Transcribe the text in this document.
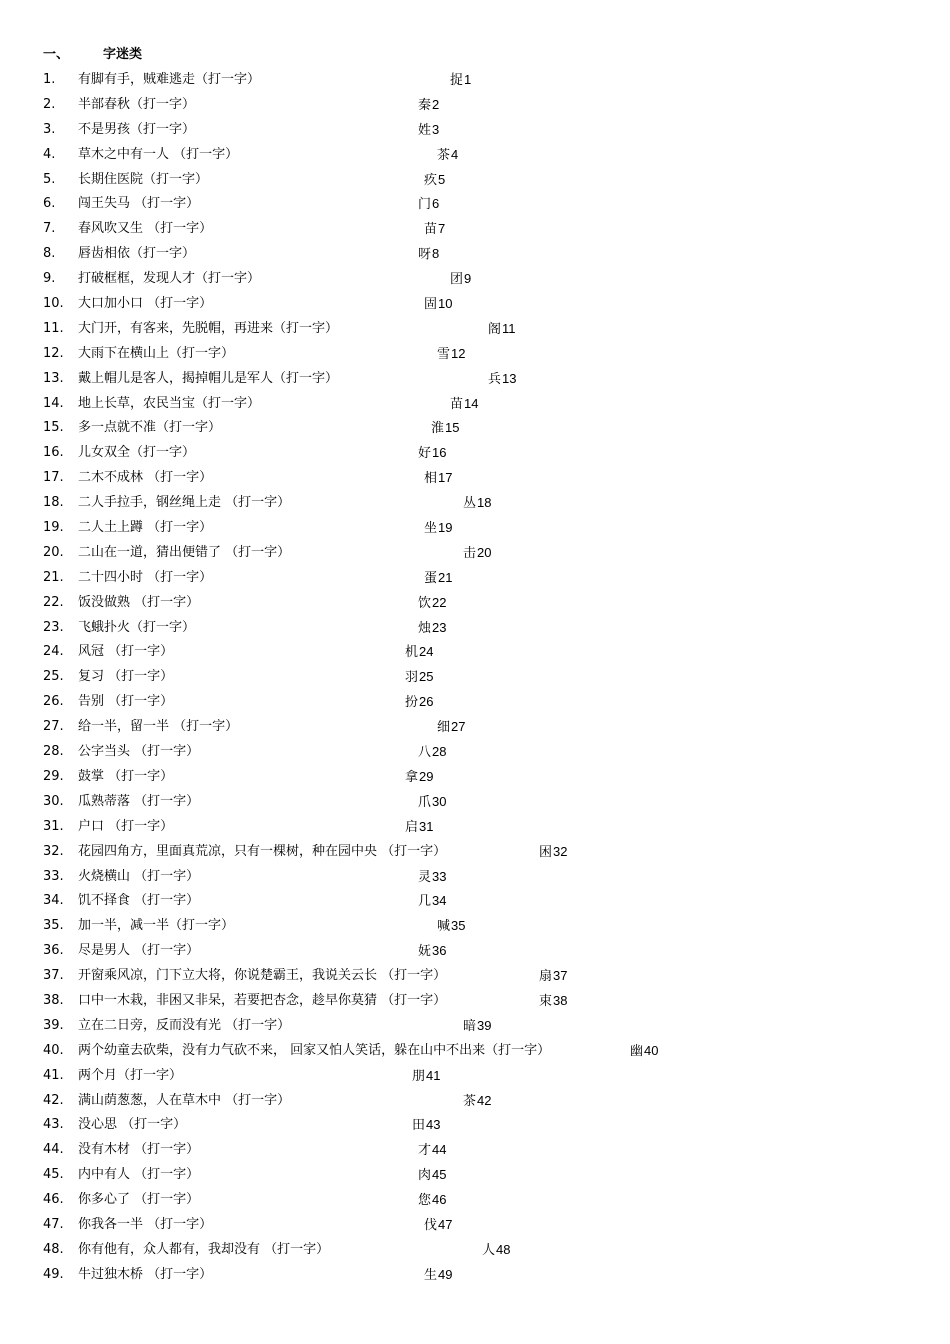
一、	字迷类
1. 有脚有手，贼难逃走（打一字）	捉1
2. 半部春秋（打一字）	秦2
3. 不是男孩（打一字）	姓3
4. 草木之中有一人 （打一字）	茶4
5. 长期住医院（打一字）	疚5
6. 闯王失马 （打一字）	门6
7. 春风吹又生 （打一字）	苗7
8. 唇齿相依（打一字）	呀8
9. 打破框框，发现人才（打一字）	团9
10. 大口加小口 （打一字）	固10
11. 大门开，有客来，先脱帽，再进来（打一字）	阁11
12. 大雨下在横山上（打一字）	雪12
13. 戴上帽儿是客人，揭掉帽儿是军人（打一字）	兵13
14. 地上长草，农民当宝（打一字）	苗14
15. 多一点就不准（打一字）	淮15
16. 儿女双全（打一字）	好16
17. 二木不成林 （打一字）	相17
18. 二人手拉手，钢丝绳上走 （打一字）	丛18
19. 二人土上蹲 （打一字）	坐19
20. 二山在一道，猜出便错了 （打一字）	击20
21. 二十四小时 （打一字）	蛋21
22. 饭没做熟 （打一字）	饮22
23. 飞蛾扑火（打一字）	烛23
24. 风冠 （打一字）	机24
25. 复习 （打一字）	羽25
26. 告别 （打一字）	扮26
27. 给一半，留一半 （打一字）	细27
28. 公字当头 （打一字）	八28
29. 鼓掌 （打一字）	拿29
30. 瓜熟蒂落 （打一字）	爪30
31. 户口 （打一字）	启31
32. 花园四角方，里面真荒凉，只有一棵树，种在园中央 （打一字）	困32
33. 火烧横山 （打一字）	灵33
34. 饥不择食 （打一字）	几34
35. 加一半，减一半（打一字）	喊35
36. 尽是男人 （打一字）	妩36
37. 开窗乘风凉，门下立大将，你说楚霸王，我说关云长 （打一字）	扇37
38. 口中一木栽，非困又非呆，若要把杏念，趁早你莫猜 （打一字）	束38
39. 立在二日旁，反而没有光 （打一字）	暗39
40. 两个幼童去砍柴，没有力气砍不来， 回家又怕人笑话，躲在山中不出来（打一字）	幽40
41. 两个月（打一字）	朋41
42. 满山荫葱葱，人在草木中 （打一字）	茶42
43. 没心思 （打一字）	田43
44. 没有木材 （打一字）	才44
45. 内中有人 （打一字）	肉45
46. 你多心了 （打一字）	您46
47. 你我各一半 （打一字）	伐47
48. 你有他有，众人都有，我却没有 （打一字）	人48
49. 牛过独木桥 （打一字）	生49
